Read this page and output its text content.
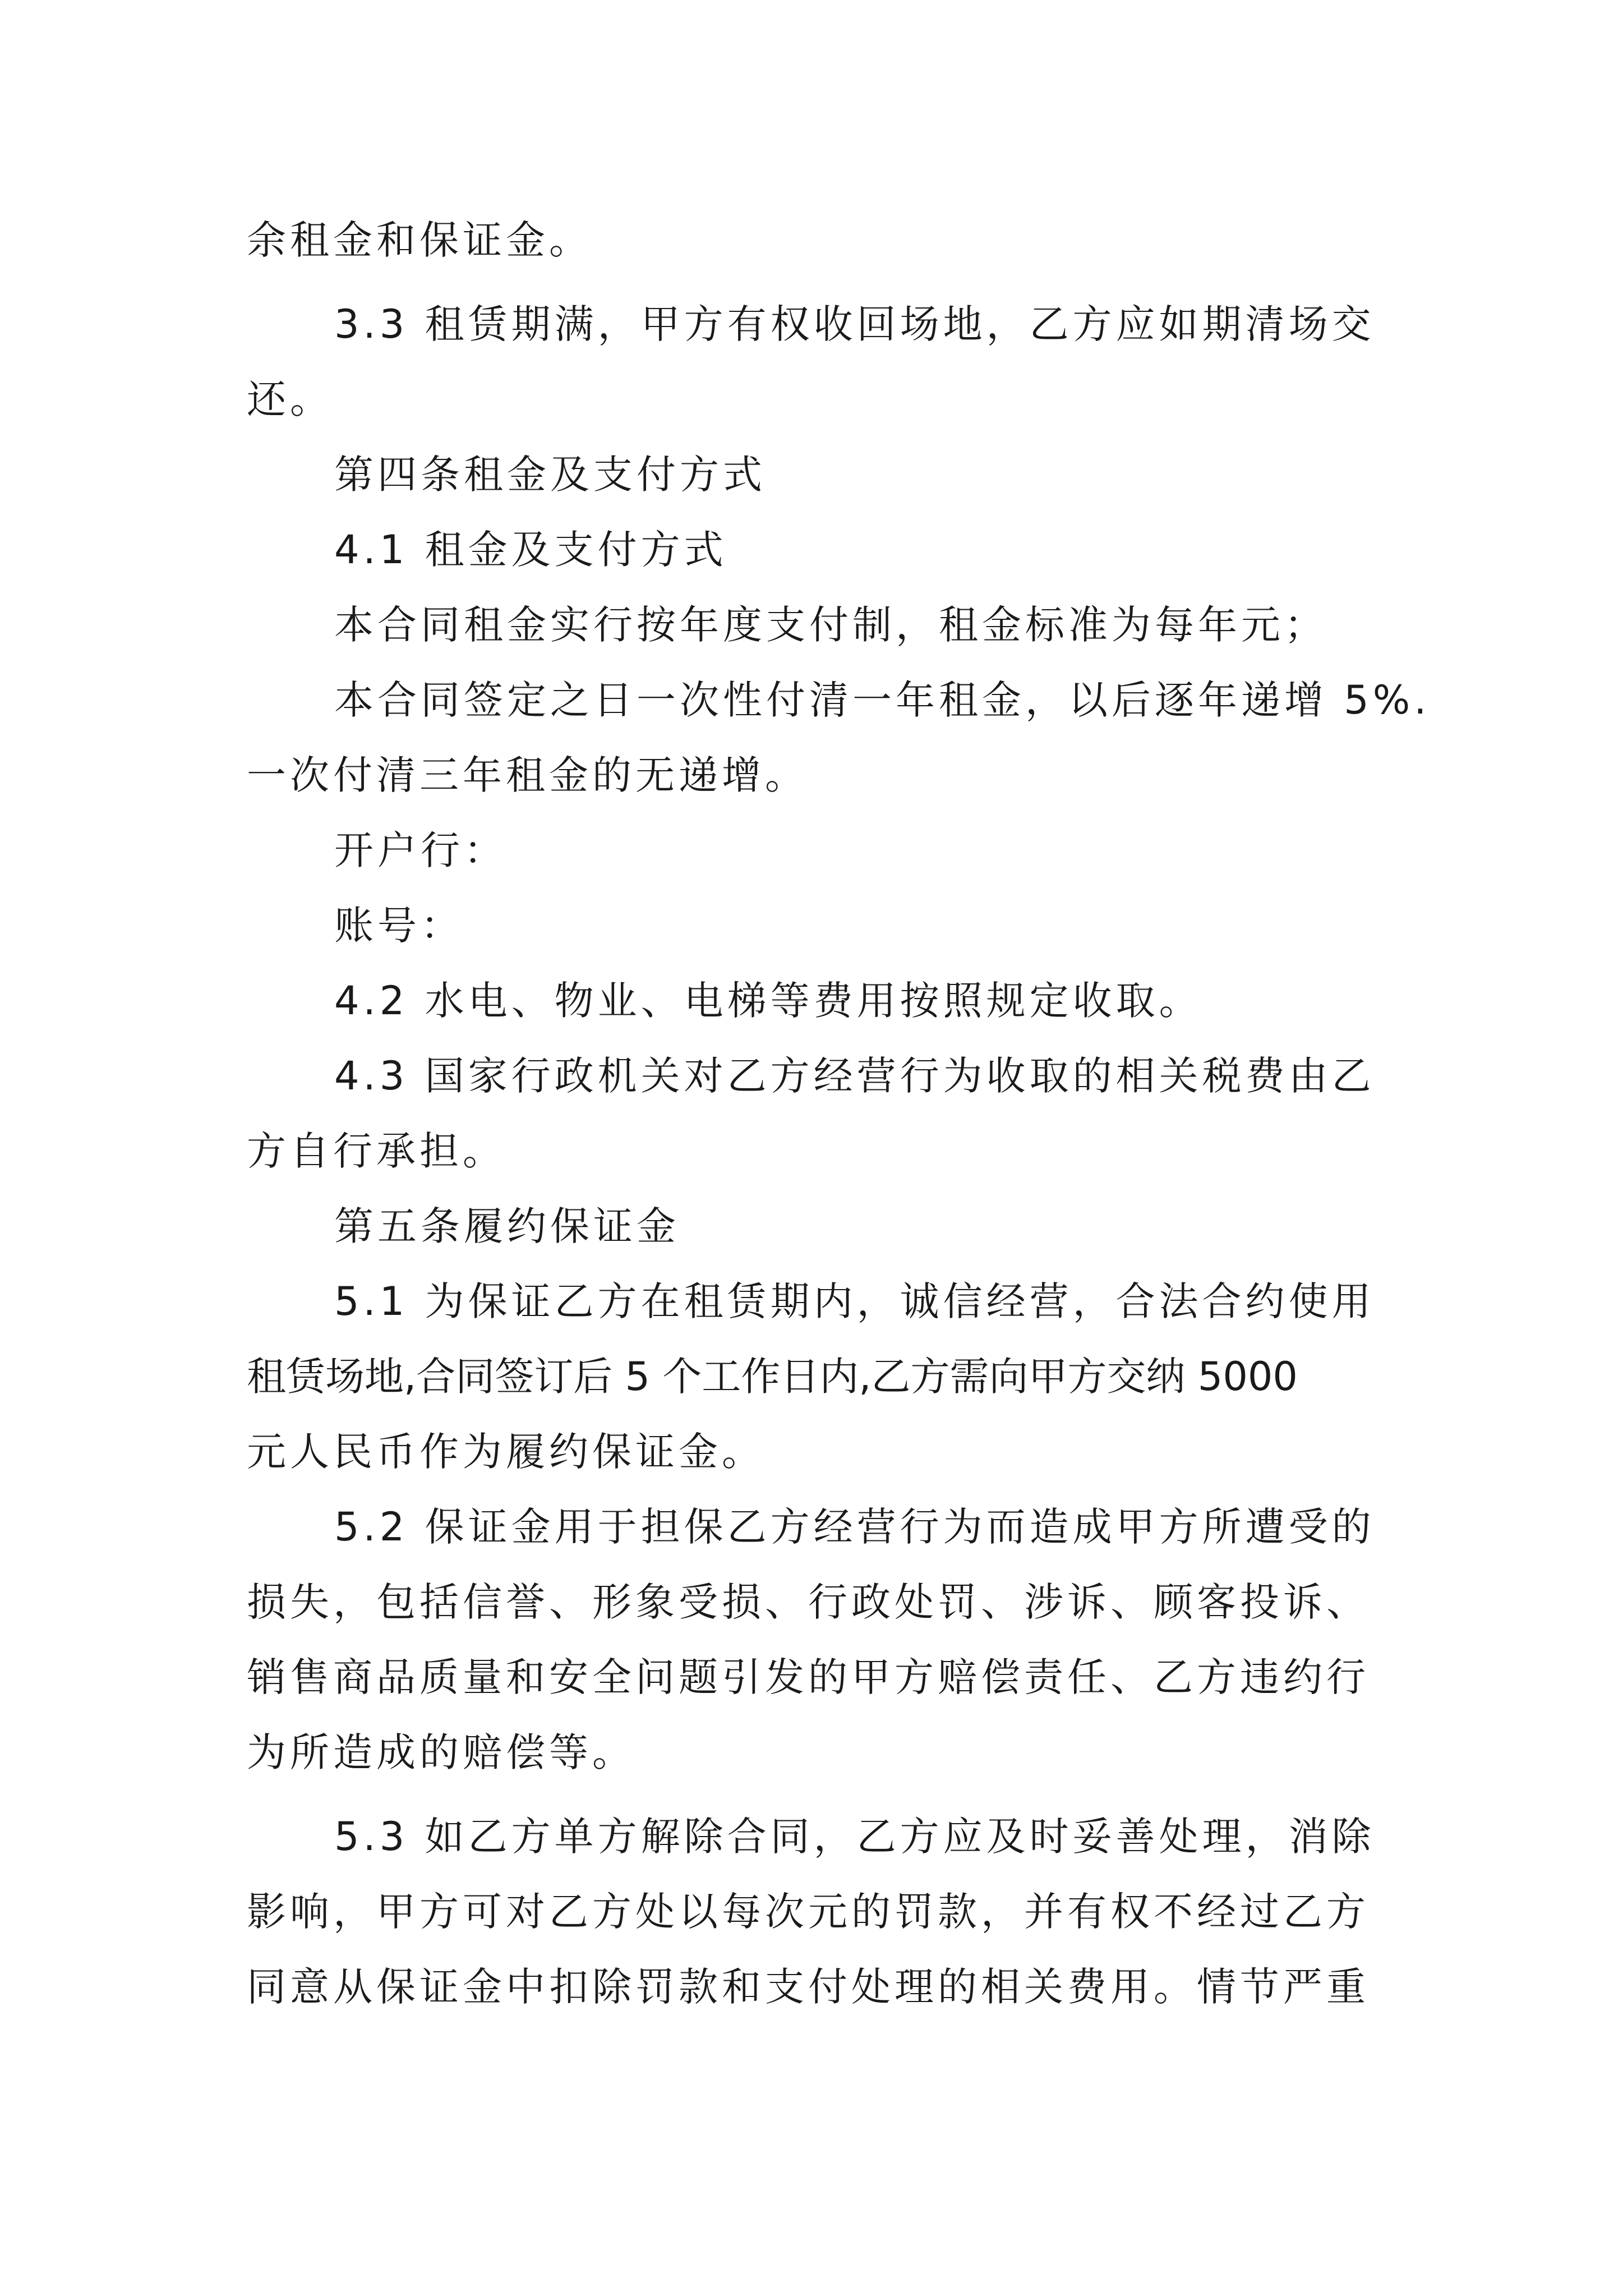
余租金和保证金。
3.3 租赁期满，甲方有权收回场地，乙方应如期清场交
还。
第四条租金及支付方式
4.1 租金及支付方式
本合同租金实行按年度支付制，租金标准为每年元；
本合同签定之日一次性付清一年租金，以后逐年递增 5%.
一次付清三年租金的无递增。
开户行：
账号：
4.2 水电、物业、电梯等费用按照规定收取。
4.3 国家行政机关对乙方经营行为收取的相关税费由乙
方自行承担。
第五条履约保证金
5.1 为保证乙方在租赁期内，诚信经营，合法合约使用
租赁场地,合同签订后 5 个工作日内,乙方需向甲方交纳 5000
元人民币作为履约保证金。
5.2 保证金用于担保乙方经营行为而造成甲方所遭受的
损失，包括信誉、形象受损、行政处罚、涉诉、顾客投诉、
销售商品质量和安全问题引发的甲方赔偿责任、乙方违约行
为所造成的赔偿等。
5.3 如乙方单方解除合同，乙方应及时妥善处理，消除
影响，甲方可对乙方处以每次元的罚款，并有权不经过乙方
同意从保证金中扣除罚款和支付处理的相关费用。情节严重
